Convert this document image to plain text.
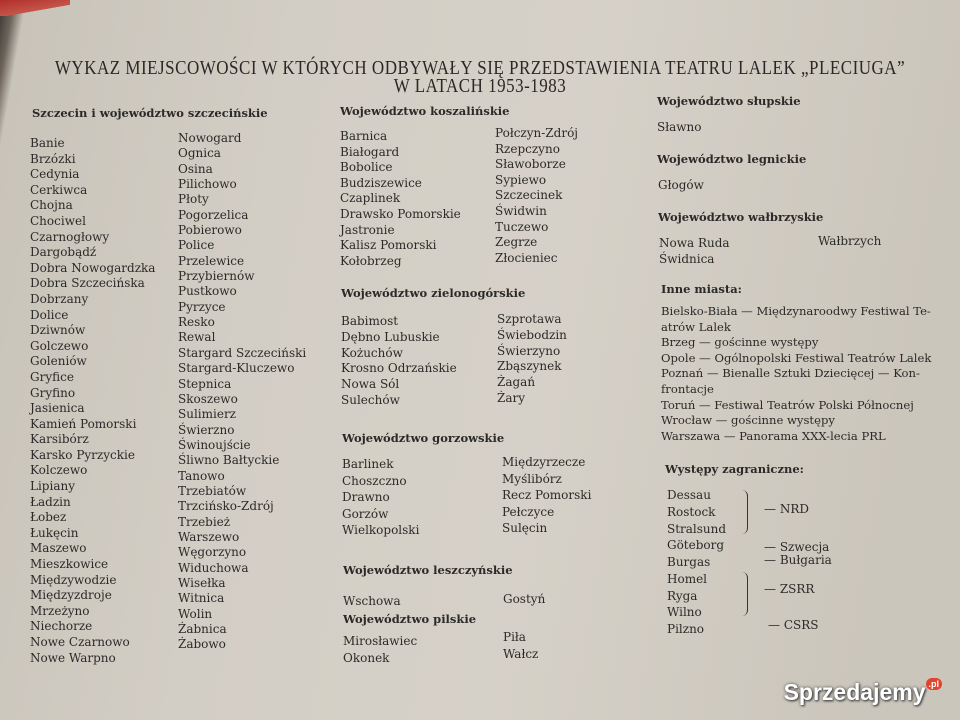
WYKAZ MIEJSCOWOŚCI W KTÓRYCH ODBYWAŁY SIĘ PRZEDSTAWIENIA TEATRU LALEK „PLECIUGA”
W LATACH 1953-1983
Szczecin i województwo szczecińskie
Banie
Brzózki
Cedynia
Cerkiwca
Chojna
Chociwel
Czarnogłowy
Dargobądź
Dobra Nowogardzka
Dobra Szczecińska
Dobrzany
Dolice
Dziwnów
Golczewo
Goleniów
Gryfice
Gryfino
Jasienica
Kamień Pomorski
Karsibórz
Karsko Pyrzyckie
Kolczewo
Lipiany
Ładzin
Łobez
Łukęcin
Maszewo
Mieszkowice
Międzywodzie
Międzyzdroje
Mrzeżyno
Niechorze
Nowe Czarnowo
Nowe Warpno
Nowogard
Ognica
Osina
Pilichowo
Płoty
Pogorzelica
Pobierowo
Police
Przelewice
Przybiernów
Pustkowo
Pyrzyce
Resko
Rewal
Stargard Szczeciński
Stargard-Kluczewo
Stepnica
Skoszewo
Sulimierz
Świerzno
Świnoujście
Śliwno Bałtyckie
Tanowo
Trzebiatów
Trzcińsko-Zdrój
Trzebież
Warszewo
Węgorzyno
Widuchowa
Wisełka
Witnica
Wolin
Żabnica
Żabowo
Województwo koszalińskie
Barnica
Białogard
Bobolice
Budziszewice
Czaplinek
Drawsko Pomorskie
Jastronie
Kalisz Pomorski
Kołobrzeg
Połczyn-Zdrój
Rzepczyno
Sławoborze
Sypiewo
Szczecinek
Świdwin
Tuczewo
Zegrze
Złocieniec
Województwo zielonogórskie
Babimost
Dębno Lubuskie
Kożuchów
Krosno Odrzańskie
Nowa Sól
Sulechów
Szprotawa
Świebodzin
Świerzyno
Zbąszynek
Żagań
Żary
Województwo gorzowskie
Barlinek
Choszczno
Drawno
Gorzów
Wielkopolski
Międzyrzecze
Myślibórz
Recz Pomorski
Pełczyce
Sulęcin
Województwo leszczyńskie
Wschowa	Gostyń
Województwo pilskie
Mirosławiec
Okonek
Piła
Wałcz
Województwo słupskie
Sławno
Województwo legnickie
Głogów
Województwo wałbrzyskie
Nowa Ruda
Świdnica
Wałbrzych
Inne miasta:
Bielsko-Biała — Międzynaroodwy Festiwal Te-
atrów Lalek
Brzeg — gościnne występy
Opole — Ogólnopolski Festiwal Teatrów Lalek
Poznań — Bienalle Sztuki Dziecięcej — Kon-
frontacje
Toruń — Festiwal Teatrów Polski Północnej
Wrocław — gościnne występy
Warszawa — Panorama XXX-lecia PRL
Występy zagraniczne:
Dessau
Rostock
Stralsund
Göteborg
Burgas
Homel
Ryga
Wilno
Pilzno
— NRD
— Szwecja
— Bułgaria
— ZSRR
— CSRS
Sprzedajemy $^{.pl}$
